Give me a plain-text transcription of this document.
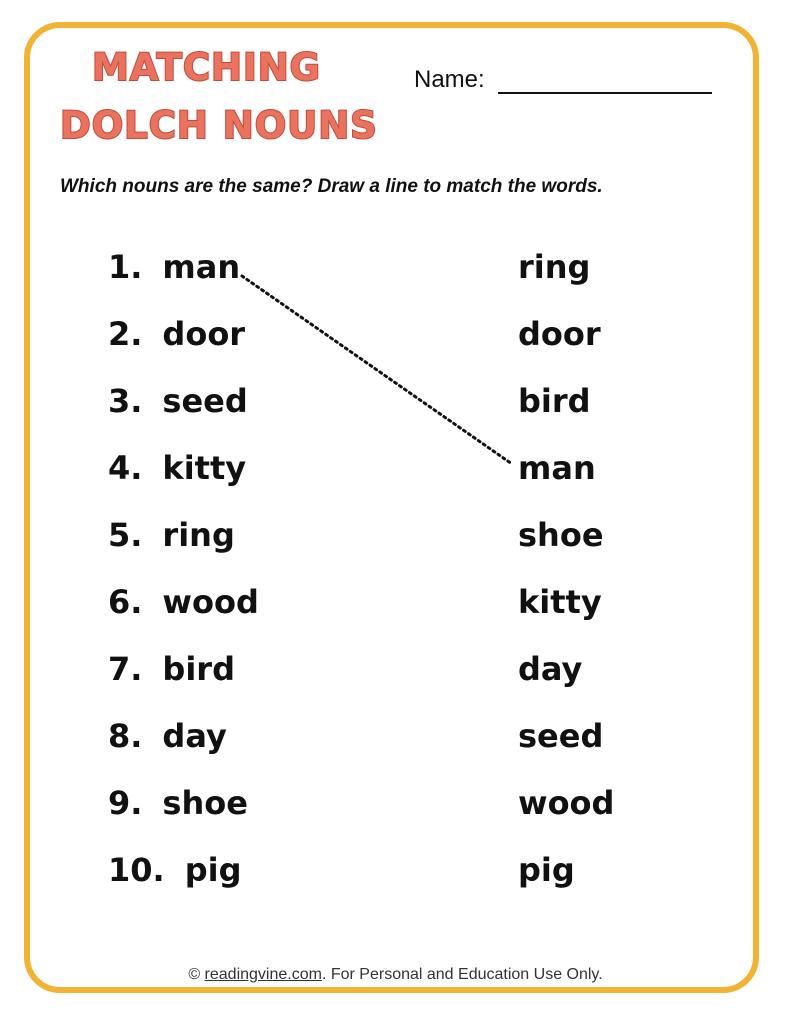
MATCHING
DOLCH NOUNS
Name:
Which nouns are the same? Draw a line to match the words.
1. man
2. door
3. seed
4. kitty
5. ring
6. wood
7. bird
8. day
9. shoe
10. pig
ring
door
bird
man
shoe
kitty
day
seed
wood
pig
© readingvine.com. For Personal and Education Use Only.
